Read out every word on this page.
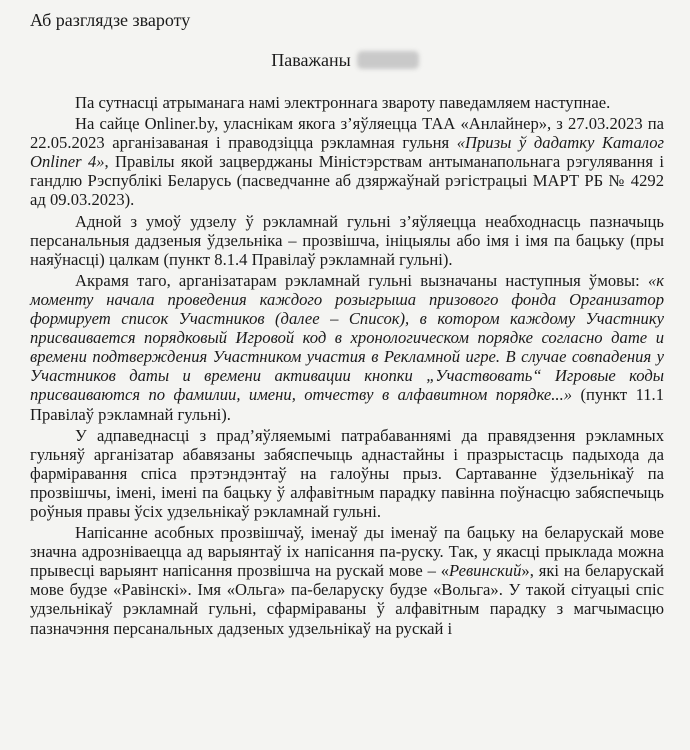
Аб разглядзе звароту
Паважаны

Па сутнасці атрыманага намі электроннага звароту паведамляем наступнае.

На сайце Onliner.by, уласнікам якога з’яўляецца ТАА «Анлайнер», з 27.03.2023 па 22.05.2023 арганізаваная і праводзіцца рэкламная гульня «Призы ў дадатку Каталог Onliner 4», Правілы якой зацверджаны Міністэрствам антыманапольнага рэгулявання і гандлю Рэспублікі Беларусь (пасведчанне аб дзяржаўнай рэгістрацыі МАРТ РБ № 4292 ад 09.03.2023).

Адной з умоў удзелу ў рэкламнай гульні з’яўляецца неабходнасць пазначыць персанальныя дадзеныя ўдзельніка – прозвішча, ініцыялы або імя і імя па бацьку (пры наяўнасці) цалкам (пункт 8.1.4 Правілаў рэкламнай гульні).

Акрамя таго, арганізатарам рэкламнай гульні вызначаны наступныя ўмовы: «к моменту начала проведения каждого розыгрыша призового фонда Организатор формирует список Участников (далее – Список), в котором каждому Участнику присваивается порядковый Игровой код в хронологическом порядке согласно дате и времени подтверждения Участником участия в Рекламной игре. В случае совпадения у Участников даты и времени активации кнопки „Участвовать“ Игровые коды присваиваются по фамилии, имени, отчеству в алфавитном порядке...» (пункт 11.1 Правілаў рэкламнай гульні).

У адпаведнасці з прад’яўляемымі патрабаваннямі да правядзення рэкламных гульняў арганізатар абавязаны забяспечыць аднастайны і празрыстасць падыхода да фарміравання спіса прэтэндэнтаў на галоўны прыз. Сартаванне ўдзельнікаў па прозвішчы, імені, імені па бацьку ў алфавітным парадку павінна поўнасцю забяспечыць роўныя правы ўсіх удзельнікаў рэкламнай гульні.

Напісанне асобных прозвішчаў, іменаў ды іменаў па бацьку на беларускай мове значна адрозніваецца ад варыянтаў іх напісання па-руску. Так, у якасці прыклада можна прывесці варыянт напісання прозвішча на рускай мове – «Ревинский», які на беларускай мове будзе «Равінскі». Імя «Ольга» па-беларуску будзе «Вольга». У такой сітуацыі спіс удзельнікаў рэкламнай гульні, сфарміраваны ў алфавітным парадку з магчымасцю пазначэння персанальных дадзеных удзельнікаў на рускай і
